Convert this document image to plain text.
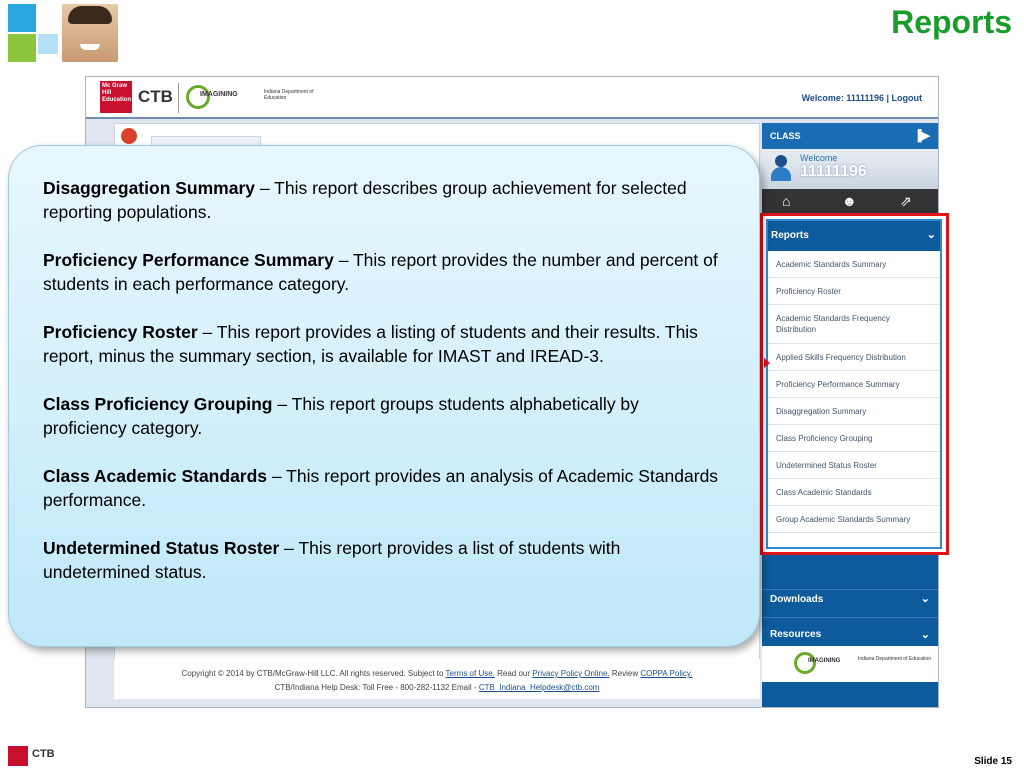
Reports
Mc Graw Hill Education CTB	IMAGINING	Indiana Department of Education	Welcome: 11111196 | Logout
Copyright © 2014 by CTB/McGraw-Hill LLC. All rights reserved. Subject to Terms of Use. Read our Privacy Policy Online. Review COPPA Policy.
CTB/Indiana Help Desk: Toll Free - 800-282-1132 Email - CTB_Indiana_Helpdesk@ctb.com
CLASS	▐▶
Welcome
11111196
⌂	☻	⇗
Downloads	⌄
Resources	⌄
IMAGINING	Indiana Department of Education
Reports	⌄
Academic Standards Summary
Proficiency Roster
Academic Standards Frequency Distribution
Applied Skills Frequency Distribution
Proficiency Performance Summary
Disaggregation Summary
Class Proficiency Grouping
Undetermined Status Roster
Class Academic Standards
Group Academic Standards Summary

Disaggregation Summary – This report describes group achievement for selected reporting populations.

Proficiency Performance Summary – This report provides the number and percent of students in each performance category.

Proficiency Roster – This report provides a listing of students and their results. This report, minus the summary section, is available for IMAST and IREAD-3.

Class Proficiency Grouping – This report groups students alphabetically by proficiency category.

Class Academic Standards – This report provides an analysis of Academic Standards performance.

Undetermined Status Roster – This report provides a list of students with undetermined status.

CTB
Slide 15
